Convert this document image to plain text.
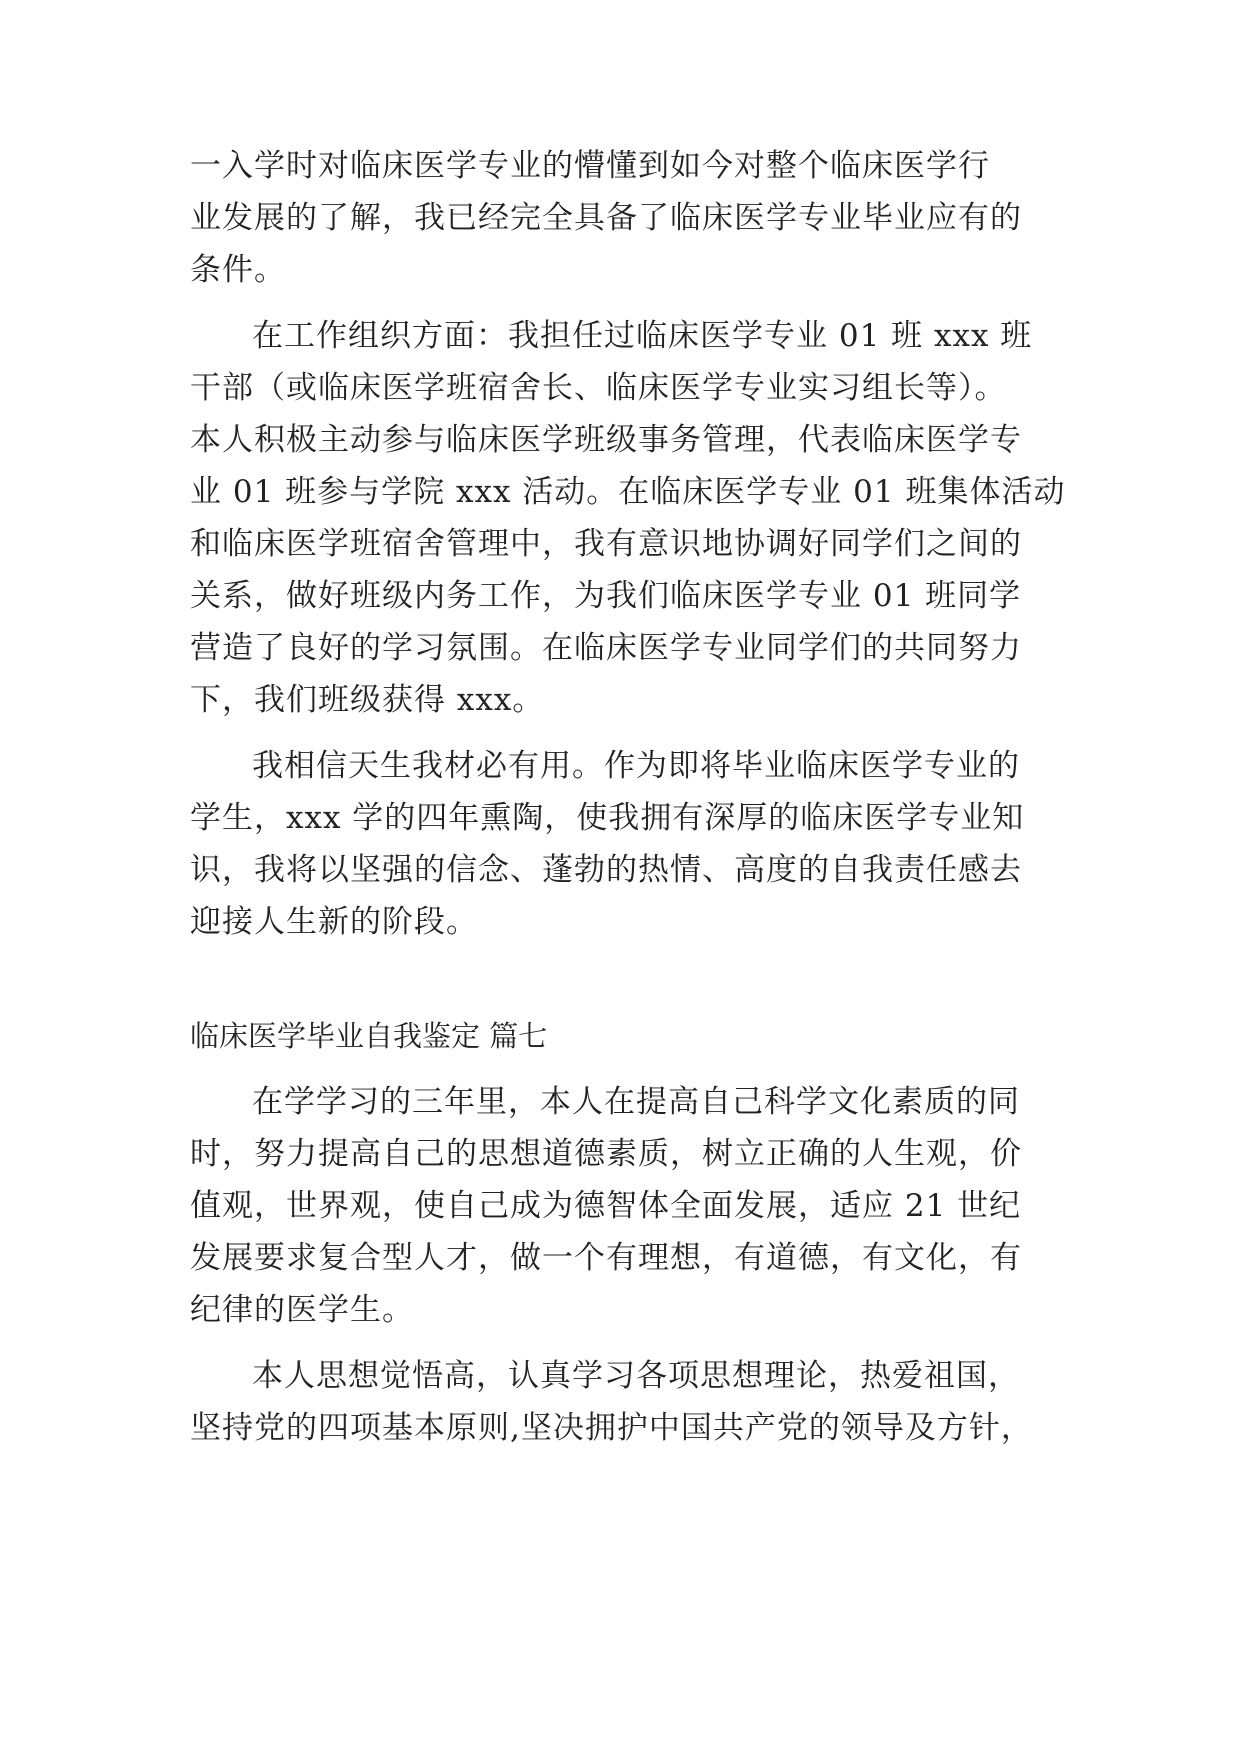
一入学时对临床医学专业的懵懂到如今对整个临床医学行
业发展的了解，我已经完全具备了临床医学专业毕业应有的
条件。
在工作组织方面：我担任过临床医学专业 01 班 xxx 班
干部（或临床医学班宿舍长、临床医学专业实习组长等）。
本人积极主动参与临床医学班级事务管理，代表临床医学专
业 01 班参与学院 xxx 活动。在临床医学专业 01 班集体活动
和临床医学班宿舍管理中，我有意识地协调好同学们之间的
关系，做好班级内务工作，为我们临床医学专业 01 班同学
营造了良好的学习氛围。在临床医学专业同学们的共同努力
下，我们班级获得 xxx。
我相信天生我材必有用。作为即将毕业临床医学专业的
学生，xxx 学的四年熏陶，使我拥有深厚的临床医学专业知
识，我将以坚强的信念、蓬勃的热情、高度的自我责任感去
迎接人生新的阶段。
临床医学毕业自我鉴定 篇七
在学学习的三年里，本人在提高自己科学文化素质的同
时，努力提高自己的思想道德素质，树立正确的人生观，价
值观，世界观，使自己成为德智体全面发展，适应 21 世纪
发展要求复合型人才，做一个有理想，有道德，有文化，有
纪律的医学生。
本人思想觉悟高，认真学习各项思想理论，热爱祖国，
坚持党的四项基本原则,坚决拥护中国共产党的领导及方针，
